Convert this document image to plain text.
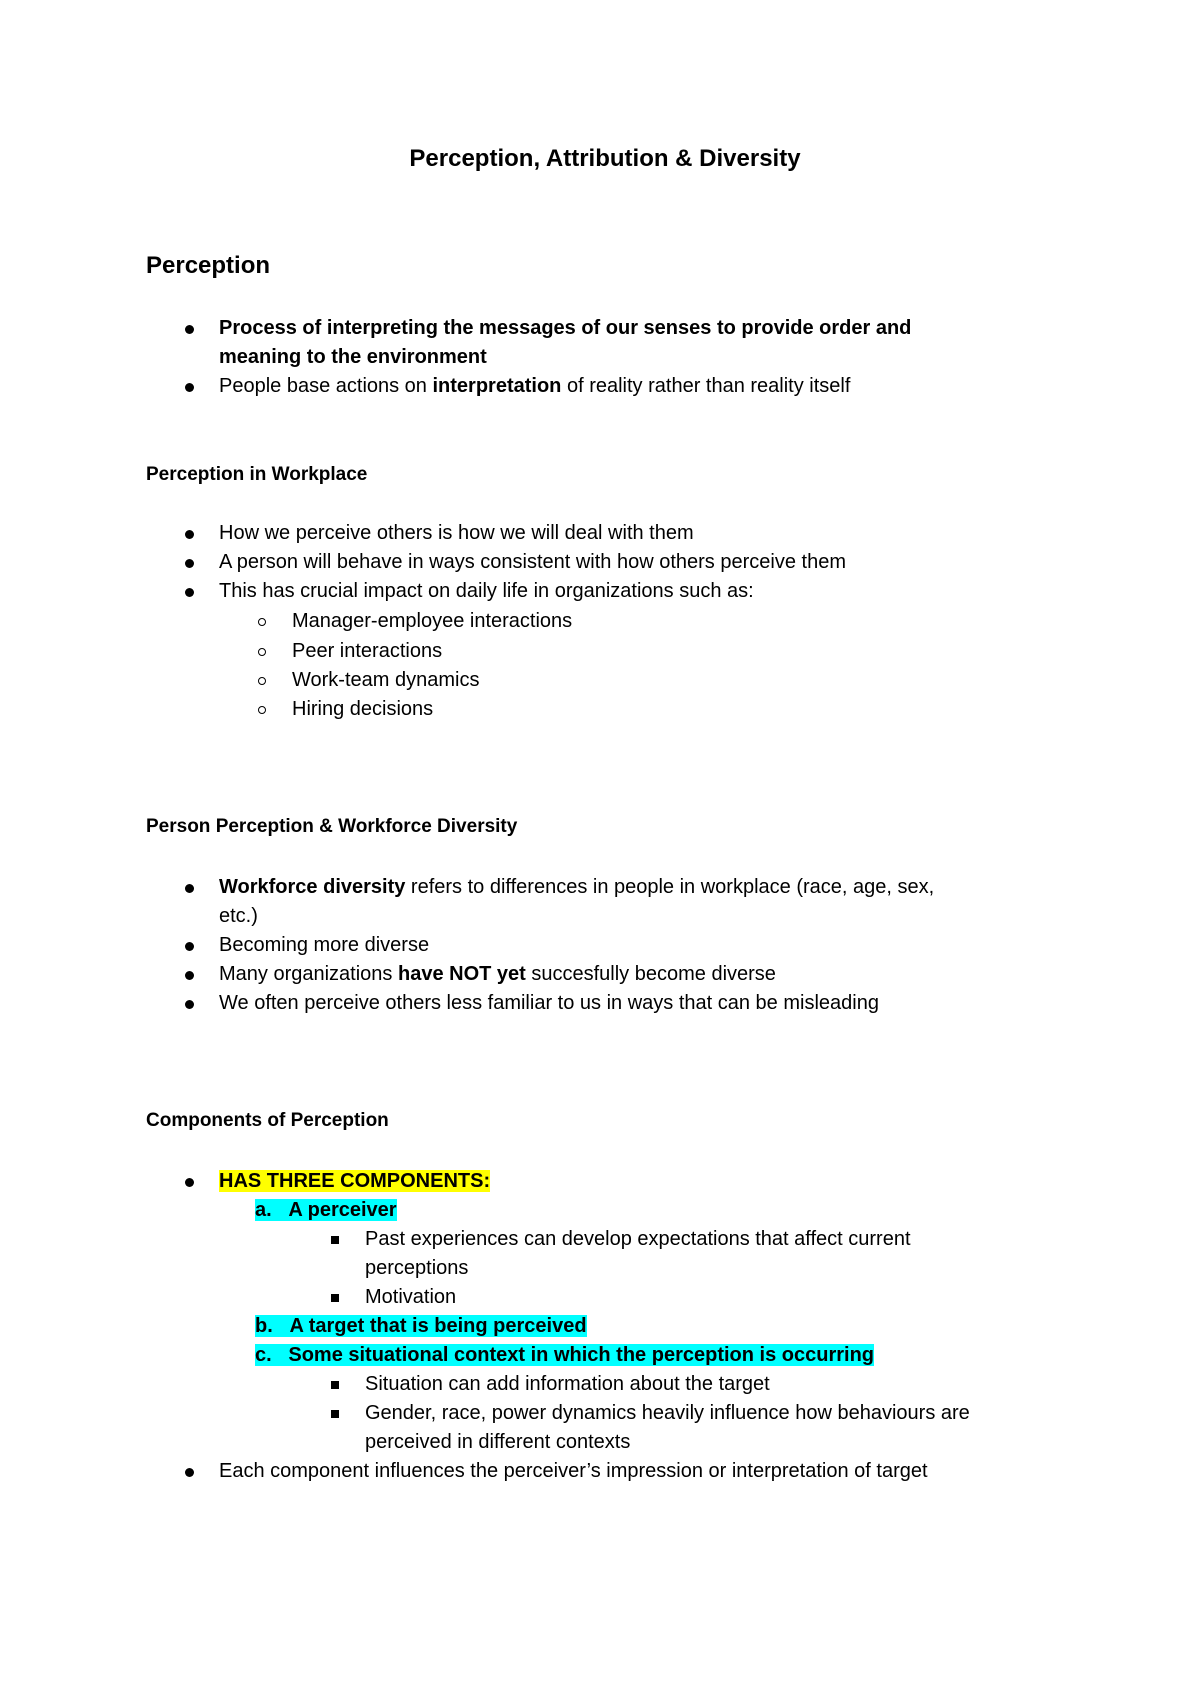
Perception, Attribution & Diversity
Perception
Process of interpreting the messages of our senses to provide order and
meaning to the environment
People base actions on interpretation of reality rather than reality itself
Perception in Workplace
How we perceive others is how we will deal with them
A person will behave in ways consistent with how others perceive them
This has crucial impact on daily life in organizations such as:
Manager-employee interactions
Peer interactions
Work-team dynamics
Hiring decisions
Person Perception & Workforce Diversity
Workforce diversity refers to differences in people in workplace (race, age, sex,
etc.)
Becoming more diverse
Many organizations have NOT yet succesfully become diverse
We often perceive others less familiar to us in ways that can be misleading
Components of Perception
HAS THREE COMPONENTS:
a. A perceiver
Past experiences can develop expectations that affect current
perceptions
Motivation
b. A target that is being perceived
c. Some situational context in which the perception is occurring
Situation can add information about the target
Gender, race, power dynamics heavily influence how behaviours are
perceived in different contexts
Each component influences the perceiver’s impression or interpretation of target
